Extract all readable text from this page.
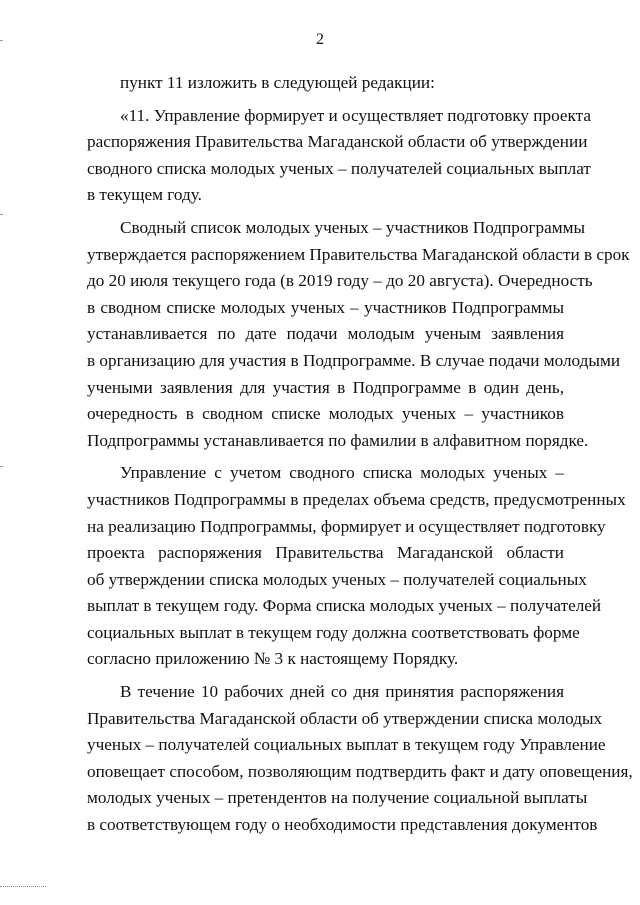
2
пункт 11 изложить в следующей редакции:
«11. Управление формирует и осуществляет подготовку проекта
распоряжения Правительства Магаданской области об утверждении
сводного списка молодых ученых – получателей социальных выплат
в текущем году.
Сводный список молодых ученых – участников Подпрограммы
утверждается распоряжением Правительства Магаданской области в срок
до 20 июля текущего года (в 2019 году – до 20 августа). Очередность
в сводном списке молодых ученых – участников Подпрограммы
устанавливается по дате подачи молодым ученым заявления
в организацию для участия в Подпрограмме. В случае подачи молодыми
учеными заявления для участия в Подпрограмме в один день,
очередность в сводном списке молодых ученых – участников
Подпрограммы устанавливается по фамилии в алфавитном порядке.
Управление с учетом сводного списка молодых ученых –
участников Подпрограммы в пределах объема средств, предусмотренных
на реализацию Подпрограммы, формирует и осуществляет подготовку
проекта распоряжения Правительства Магаданской области
об утверждении списка молодых ученых – получателей социальных
выплат в текущем году. Форма списка молодых ученых – получателей
социальных выплат в текущем году должна соответствовать форме
согласно приложению № 3 к настоящему Порядку.
В течение 10 рабочих дней со дня принятия распоряжения
Правительства Магаданской области об утверждении списка молодых
ученых – получателей социальных выплат в текущем году Управление
оповещает способом, позволяющим подтвердить факт и дату оповещения,
молодых ученых – претендентов на получение социальной выплаты
в соответствующем году о необходимости представления документов
